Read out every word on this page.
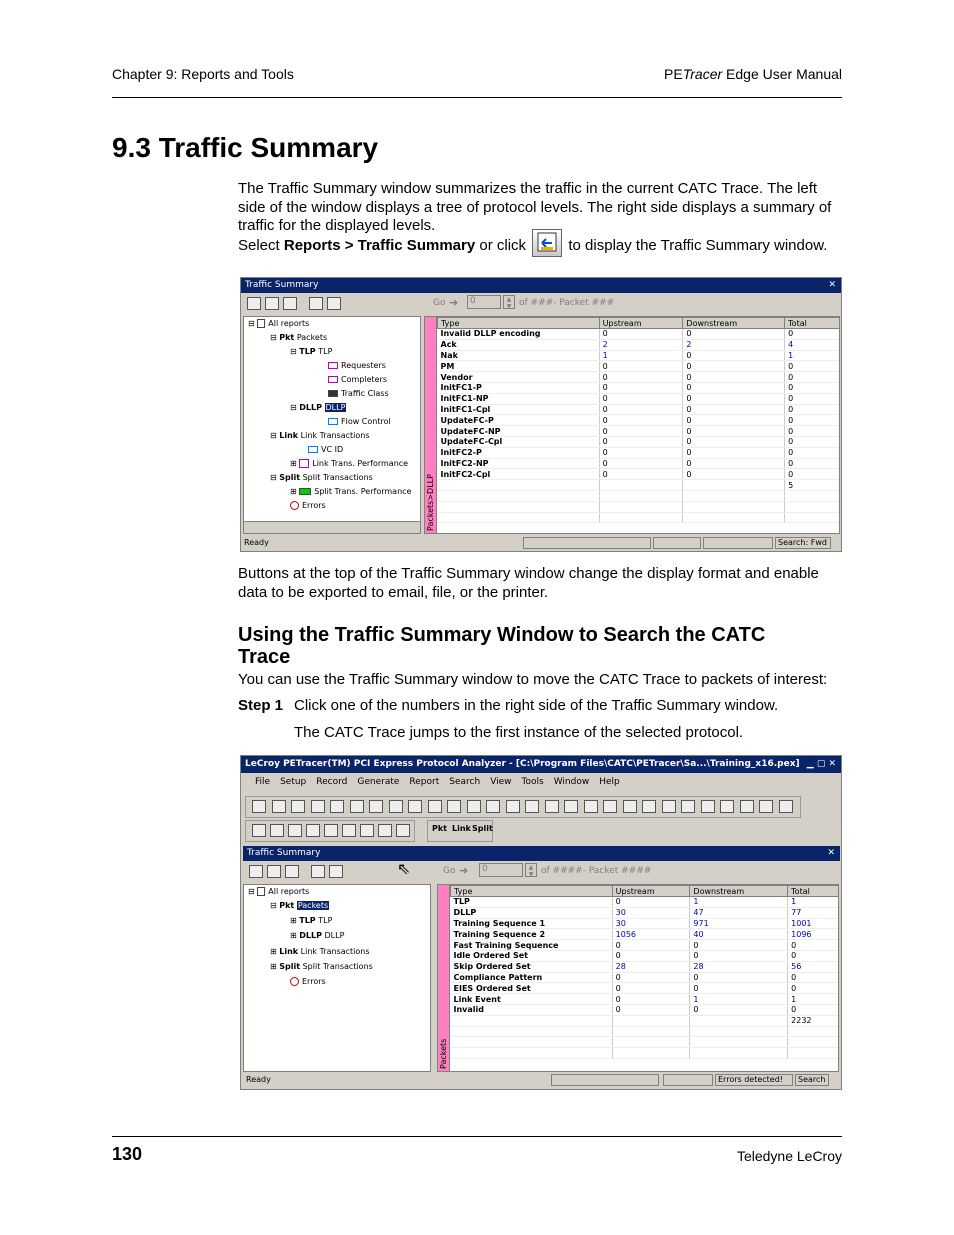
Chapter 9: Reports and Tools	PETracer Edge User Manual
9.3 Traffic Summary
The Traffic Summary window summarizes the traffic in the current CATC Trace. The left side of the window displays a tree of protocol levels. The right side displays a summary of traffic for the displayed levels.
Select Reports > Traffic Summary or click  to display the Traffic Summary window.
Traffic Summary	✕
Go ➜	0	▲
▼ of ###- Packet ###
⊟ All reports
⊟ Pkt Packets
⊟ TLP TLP
Requesters
Completers
Traffic Class
⊟ DLLP DLLP
Flow Control
⊟ Link Link Transactions
VC ID
⊞ Link Trans. Performance
⊟ Split Split Transactions
⊞ Split Trans. Performance
Errors	Packets>DLLP
Type	Upstream	Downstream	Total
Invalid DLLP encoding	0	0	0
Ack	2	2	4
Nak	1	0	1
PM	0	0	0
Vendor	0	0	0
InitFC1-P	0	0	0
InitFC1-NP	0	0	0
InitFC1-Cpl	0	0	0
UpdateFC-P	0	0	0
UpdateFC-NP	0	0	0
UpdateFC-Cpl	0	0	0
InitFC2-P	0	0	0
InitFC2-NP	0	0	0
InitFC2-Cpl	0	0	0
			5

Ready	Search: Fwd
Buttons at the top of the Traffic Summary window change the display format and enable data to be exported to email, file, or the printer.
Using the Traffic Summary Window to Search the CATC Trace
You can use the Traffic Summary window to move the CATC Trace to packets of interest:
Step 1 Click one of the numbers in the right side of the Traffic Summary window.
The CATC Trace jumps to the first instance of the selected protocol.
LeCroy PETracer(TM) PCI Express Protocol Analyzer - [C:\Program Files\CATC\PETracer\Sa...\Training_x16.pex] ▁ ▢ ✕
File Setup Record Generate Report Search View Tools Window Help
Pkt Link Split
Traffic Summary	✕
Go ➜	0	▲
▼ of ####- Packet ####
⇖
⊟ All reports
⊟ Pkt Packets
⊞ TLP TLP
⊞ DLLP DLLP
⊞ Link Link Transactions
⊞ Split Split Transactions
Errors
Packets
Type	Upstream	Downstream	Total
TLP	0	1	1
DLLP	30	47	77
Training Sequence 1	30	971	1001
Training Sequence 2	1056	40	1096
Fast Training Sequence	0	0	0
Idle Ordered Set	0	0	0
Skip Ordered Set	28	28	56
Compliance Pattern	0	0	0
EIES Ordered Set	0	0	0
Link Event	0	1	1
Invalid	0	0	0
			2232

Ready	Errors detected!	Search
130	Teledyne LeCroy
